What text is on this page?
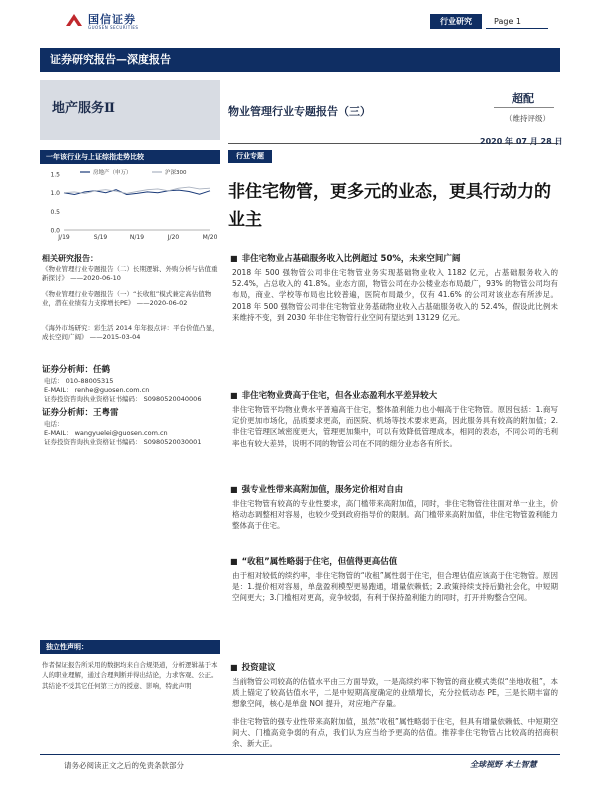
国信证券
GUOSEN SECURITIES
行业研究	Page 1
证券研究报告—深度报告
地产服务Ⅱ	物业管理行业专题报告（三）
超配
（维持评级）
2020 年 07 月 28 日
一年该行业与上证综指走势比较
1.5
1.0
0.5
0.0
J/19	S/19	N/19	J/20	M/20
房地产（申万）	沪深300
相关研究报告：
《物业管理行业专题报告（二）长期逻辑、外购分析与估值重新探讨》 ——2020-06-10
《物业管理行业专题报告（一）“长收租”模式兼定高估值物业，潜在业绩有力支撑增长PE》 ——2020-06-02
《海外市场研究：彩生活 2014 年年报点评：平台价值凸显，成长空间广阔》 ——2015-03-04
证券分析师：任鹤
电话： 010-88005315
E-MAIL： renhe@guosen.com.cn
证券投资咨询执业资格证书编码： S0980520040006
证券分析师：王粤雷
电话：
E-MAIL： wangyuelei@guosen.com.cn
证券投资咨询执业资格证书编码： S0980520030001
行业专题
非住宅物管，更多元的业态，更具行动力的业主
■ 非住宅物业占基础服务收入比例超过 50%，未来空间广阔
2018 年 500 强物管公司非住宅物管业务实现基础物业收入 1182 亿元，占基础服务收入的 52.4%，占总收入的 41.8%。业态方面，物管公司在办公楼业态布局最广，93% 的物管公司均有布局，商业、学校等布局也比较普遍，医院布局最少，仅有 41.6% 的公司对该业态有所涉足。2018 年 500 强物管公司非住宅物管业务基础物业收入占基础服务收入的 52.4%，假设此比例未来维持不变，到 2030 年非住宅物管行业空间有望达到 13129 亿元。
■ 非住宅物业费高于住宅，但各业态盈利水平差异较大
非住宅物管平均物业费水平普遍高于住宅，整体盈利能力也小幅高于住宅物管。原因包括：1.商写定价更加市场化，品质要求更高，而医院、机场等技术要求更高，因此服务具有较高的附加值；2.非住宅管理区域密度更大，管理更加集中，可以有效降低管理成本，相同的表态，不同公司的毛利率也有较大差异，说明不同的物管公司在不同的细分业态各有所长。
■ 强专业性带来高附加值，服务定价相对自由
非住宅物管有较高的专业性要求，高门槛带来高附加值，同时，非住宅物管往往面对单一业主，价格动态调整相对容易，也较少受到政府指导价的限制。高门槛带来高附加值，非住宅物管盈利能力整体高于住宅。
■ “收租”属性略弱于住宅，但值得更高估值
由于相对较低的续约率，非住宅物管的“收租”属性弱于住宅，但合理估值应该高于住宅物管。原因是：1.提价相对容易，单盘盈利模型更易跑通，增量依赖低；2.政策持续支持后勤社会化，中短期空间更大；3.门槛相对更高，竞争较弱，有利于保持盈利能力的同时，打开并购整合空间。
■ 投资建议
当前物管公司较高的估值水平由三方面导致，一是高续约率下物管的商业模式类似“坐地收租”，本质上锚定了较高估值水平，二是中短期高度确定的业绩增长，充分拉低动态 PE，三是长期丰富的想象空间，核心是单盘 NOI 提升，对应地产存量。
非住宅物管的强专业性带来高附加值，虽然“收租”属性略弱于住宅，但具有增量依赖低、中短期空间大、门槛高竞争弱的有点，我们认为应当给予更高的估值。推荐非住宅物管占比较高的招商积余、新大正。
独立性声明：
作者保证报告所采用的数据均来自合规渠道，分析逻辑基于本人的职业理解，通过合理判断并得出结论，力求客观、公正。其结论不受其它任何第三方的授意、影响，特此声明
请务必阅读正文之后的免责条款部分	全球视野 本土智慧
